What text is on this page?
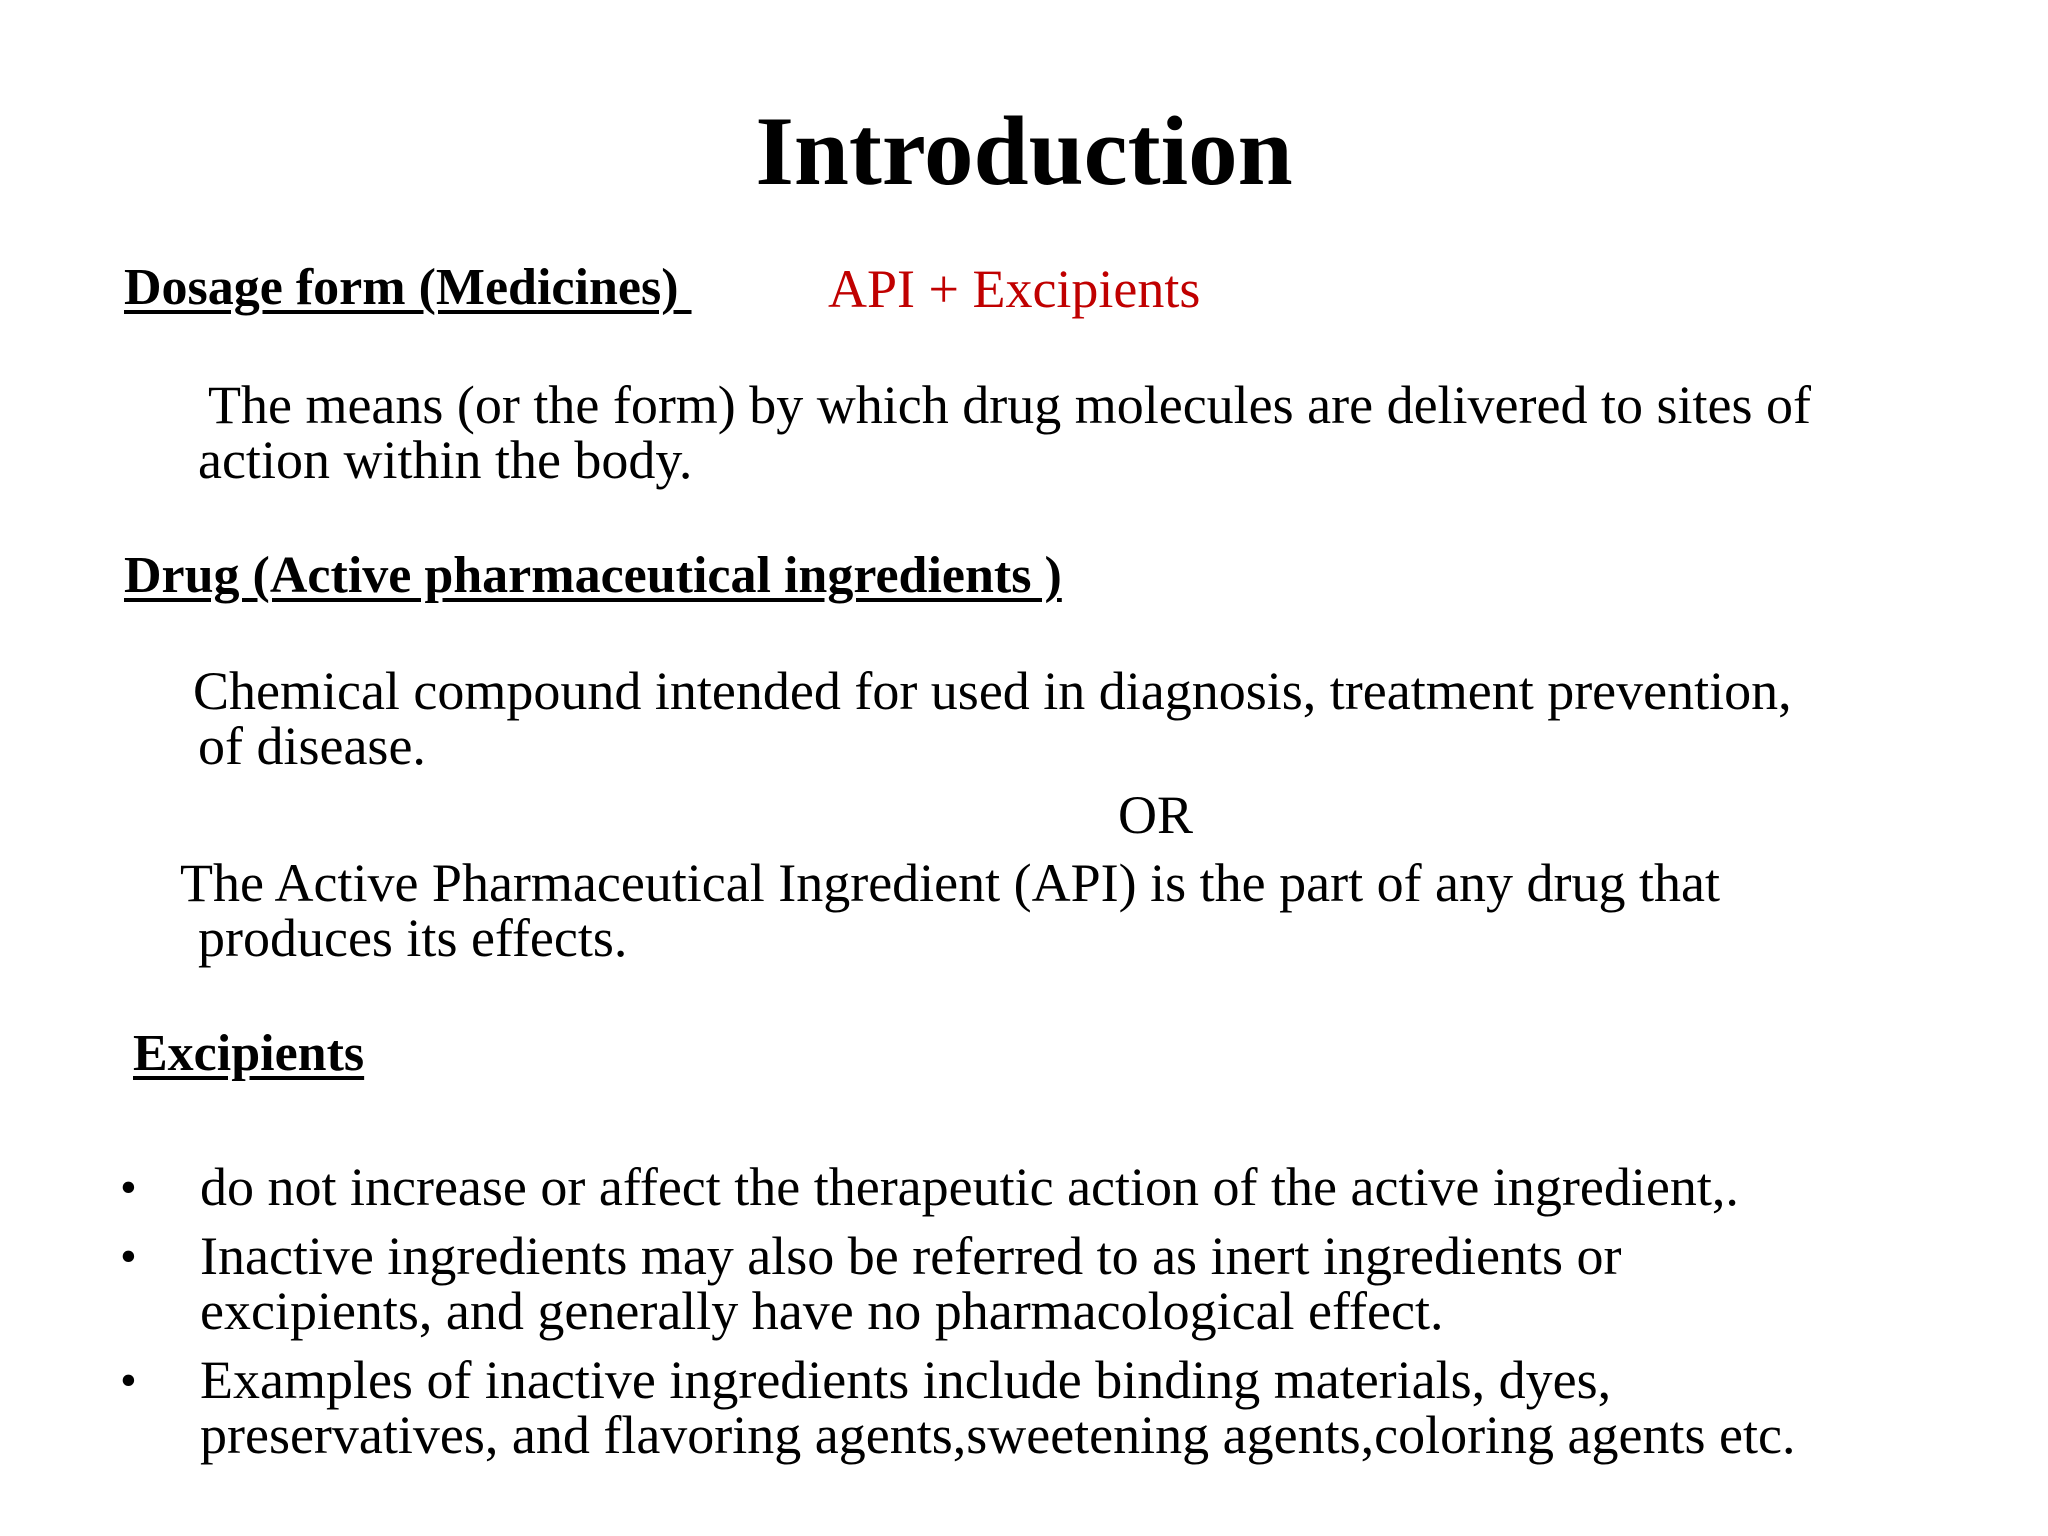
Introduction
Dosage form (Medicines)	API + Excipients
The means (or the form) by which drug molecules are delivered to sites of
action within the body.
Drug (Active pharmaceutical ingredients )
Chemical compound intended for used in diagnosis, treatment prevention,
of disease.
OR
The Active Pharmaceutical Ingredient (API) is the part of any drug that
produces its effects.
Excipients
• do not increase or affect the therapeutic action of the active ingredient,.
• Inactive ingredients may also be referred to as inert ingredients or
excipients, and generally have no pharmacological effect.
• Examples of inactive ingredients include binding materials, dyes,
preservatives, and flavoring agents,sweetening agents,coloring agents etc.
